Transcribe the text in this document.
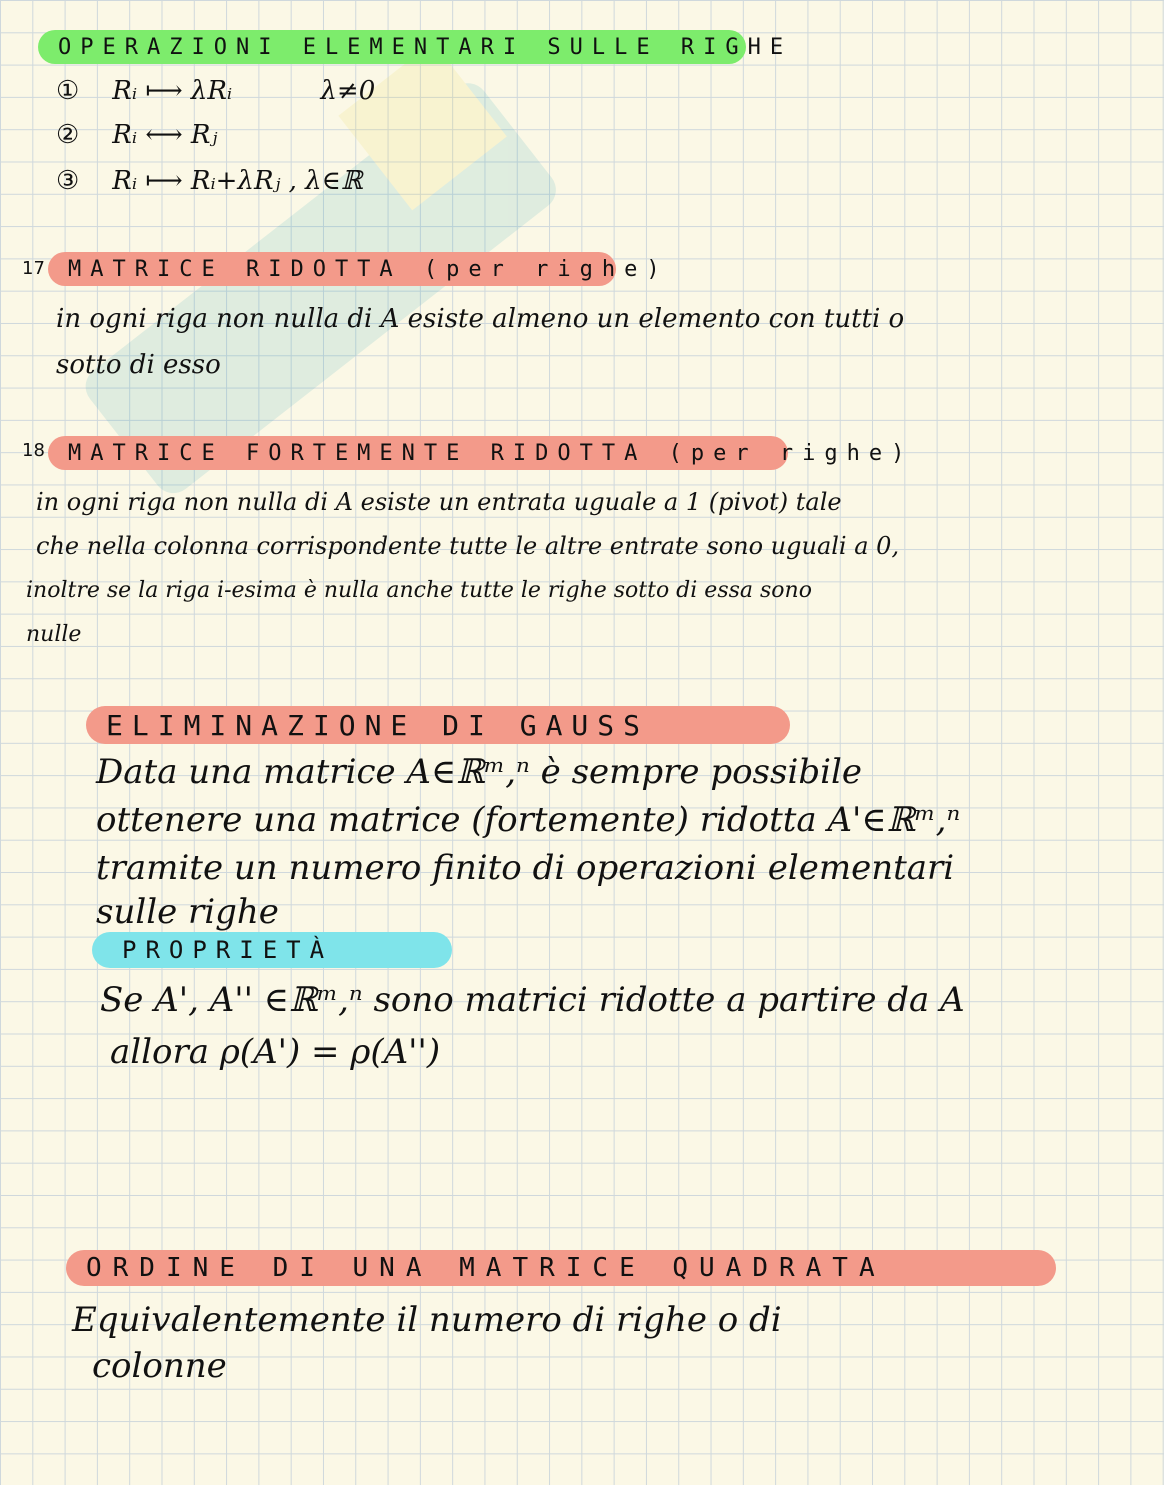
OPERAZIONI ELEMENTARI SULLE RIGHE
① Rᵢ ⟼ λRᵢ	λ≠0
② Rᵢ ⟷ Rⱼ
③ Rᵢ ⟼ Rᵢ+λRⱼ , λ∈ℝ
17	MATRICE RIDOTTA (per righe)
in ogni riga non nulla di A esiste almeno un elemento con tutti o
sotto di esso
18	MATRICE FORTEMENTE RIDOTTA (per righe)
in ogni riga non nulla di A esiste un entrata uguale a 1 (pivot) tale
che nella colonna corrispondente tutte le altre entrate sono uguali a 0,
inoltre se la riga i-esima è nulla anche tutte le righe sotto di essa sono
nulle
ELIMINAZIONE DI GAUSS
Data una matrice A∈ℝᵐ,ⁿ è sempre possibile
ottenere una matrice (fortemente) ridotta A'∈ℝᵐ,ⁿ
tramite un numero finito di operazioni elementari
sulle righe
PROPRIETÀ
Se A', A'' ∈ℝᵐ,ⁿ sono matrici ridotte a partire da A
allora ρ(A') = ρ(A'')
ORDINE DI UNA MATRICE QUADRATA
Equivalentemente il numero di righe o di
colonne
